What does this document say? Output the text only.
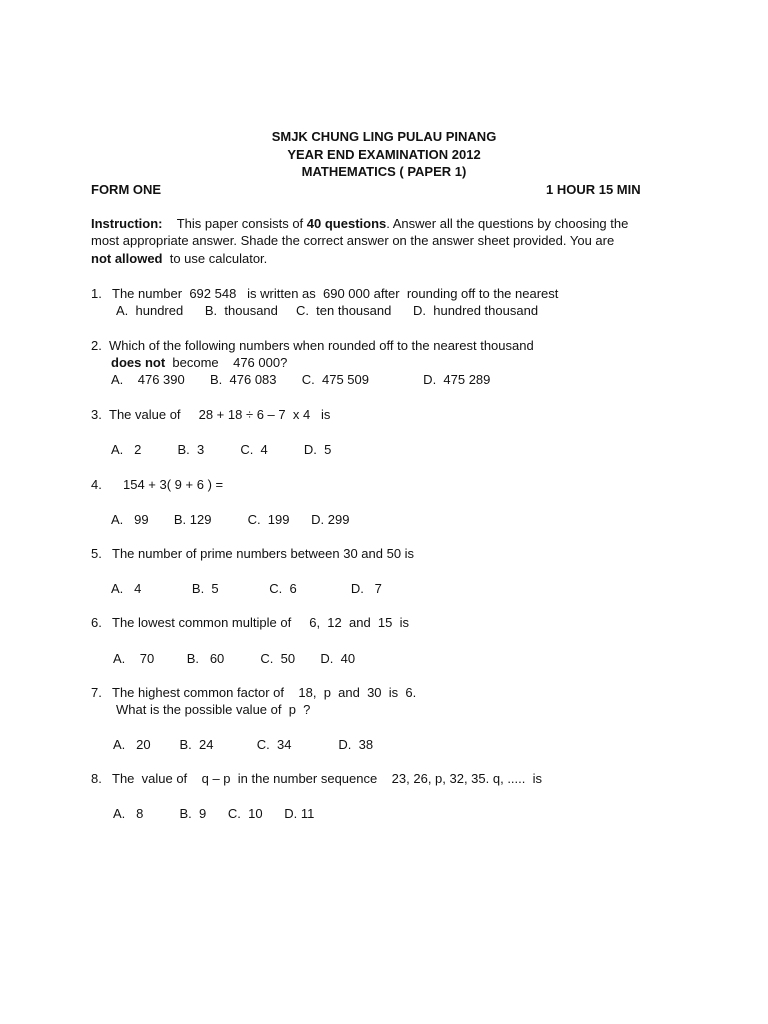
SMJK CHUNG LING PULAU PINANG
YEAR END EXAMINATION 2012
MATHEMATICS ( PAPER 1)
FORM ONE	1 HOUR 15 MIN
Instruction: This paper consists of 40 questions. Answer all the questions by choosing the
most appropriate answer. Shade the correct answer on the answer sheet provided. You are
not allowed  to use calculator.
1. The number  692 548   is written as  690 000 after  rounding off to the nearest
A.  hundred      B.  thousand     C.  ten thousand      D.  hundred thousand
2. Which of the following numbers when rounded off to the nearest thousand
does not  become    476 000?
A.    476 390       B.  476 083       C.  475 509               D.  475 289
3. The value of     28 + 18 ÷ 6 – 7  x 4   is
A.   2          B.  3          C.  4          D.  5
4. 154 + 3( 9 + 6 ) =
A.   99       B. 129          C.  199      D. 299
5. The number of prime numbers between 30 and 50 is
A.   4              B.  5              C.  6               D.   7
6. The lowest common multiple of     6,  12  and  15  is
A.    70         B.   60          C.  50       D.  40
7. The highest common factor of    18,  p  and  30  is  6.
What is the possible value of  p  ?
A.   20        B.  24            C.  34             D.  38
8. The  value of    q – p  in the number sequence    23, 26, p, 32, 35. q, .....  is
A.   8          B.  9      C.  10      D. 11
